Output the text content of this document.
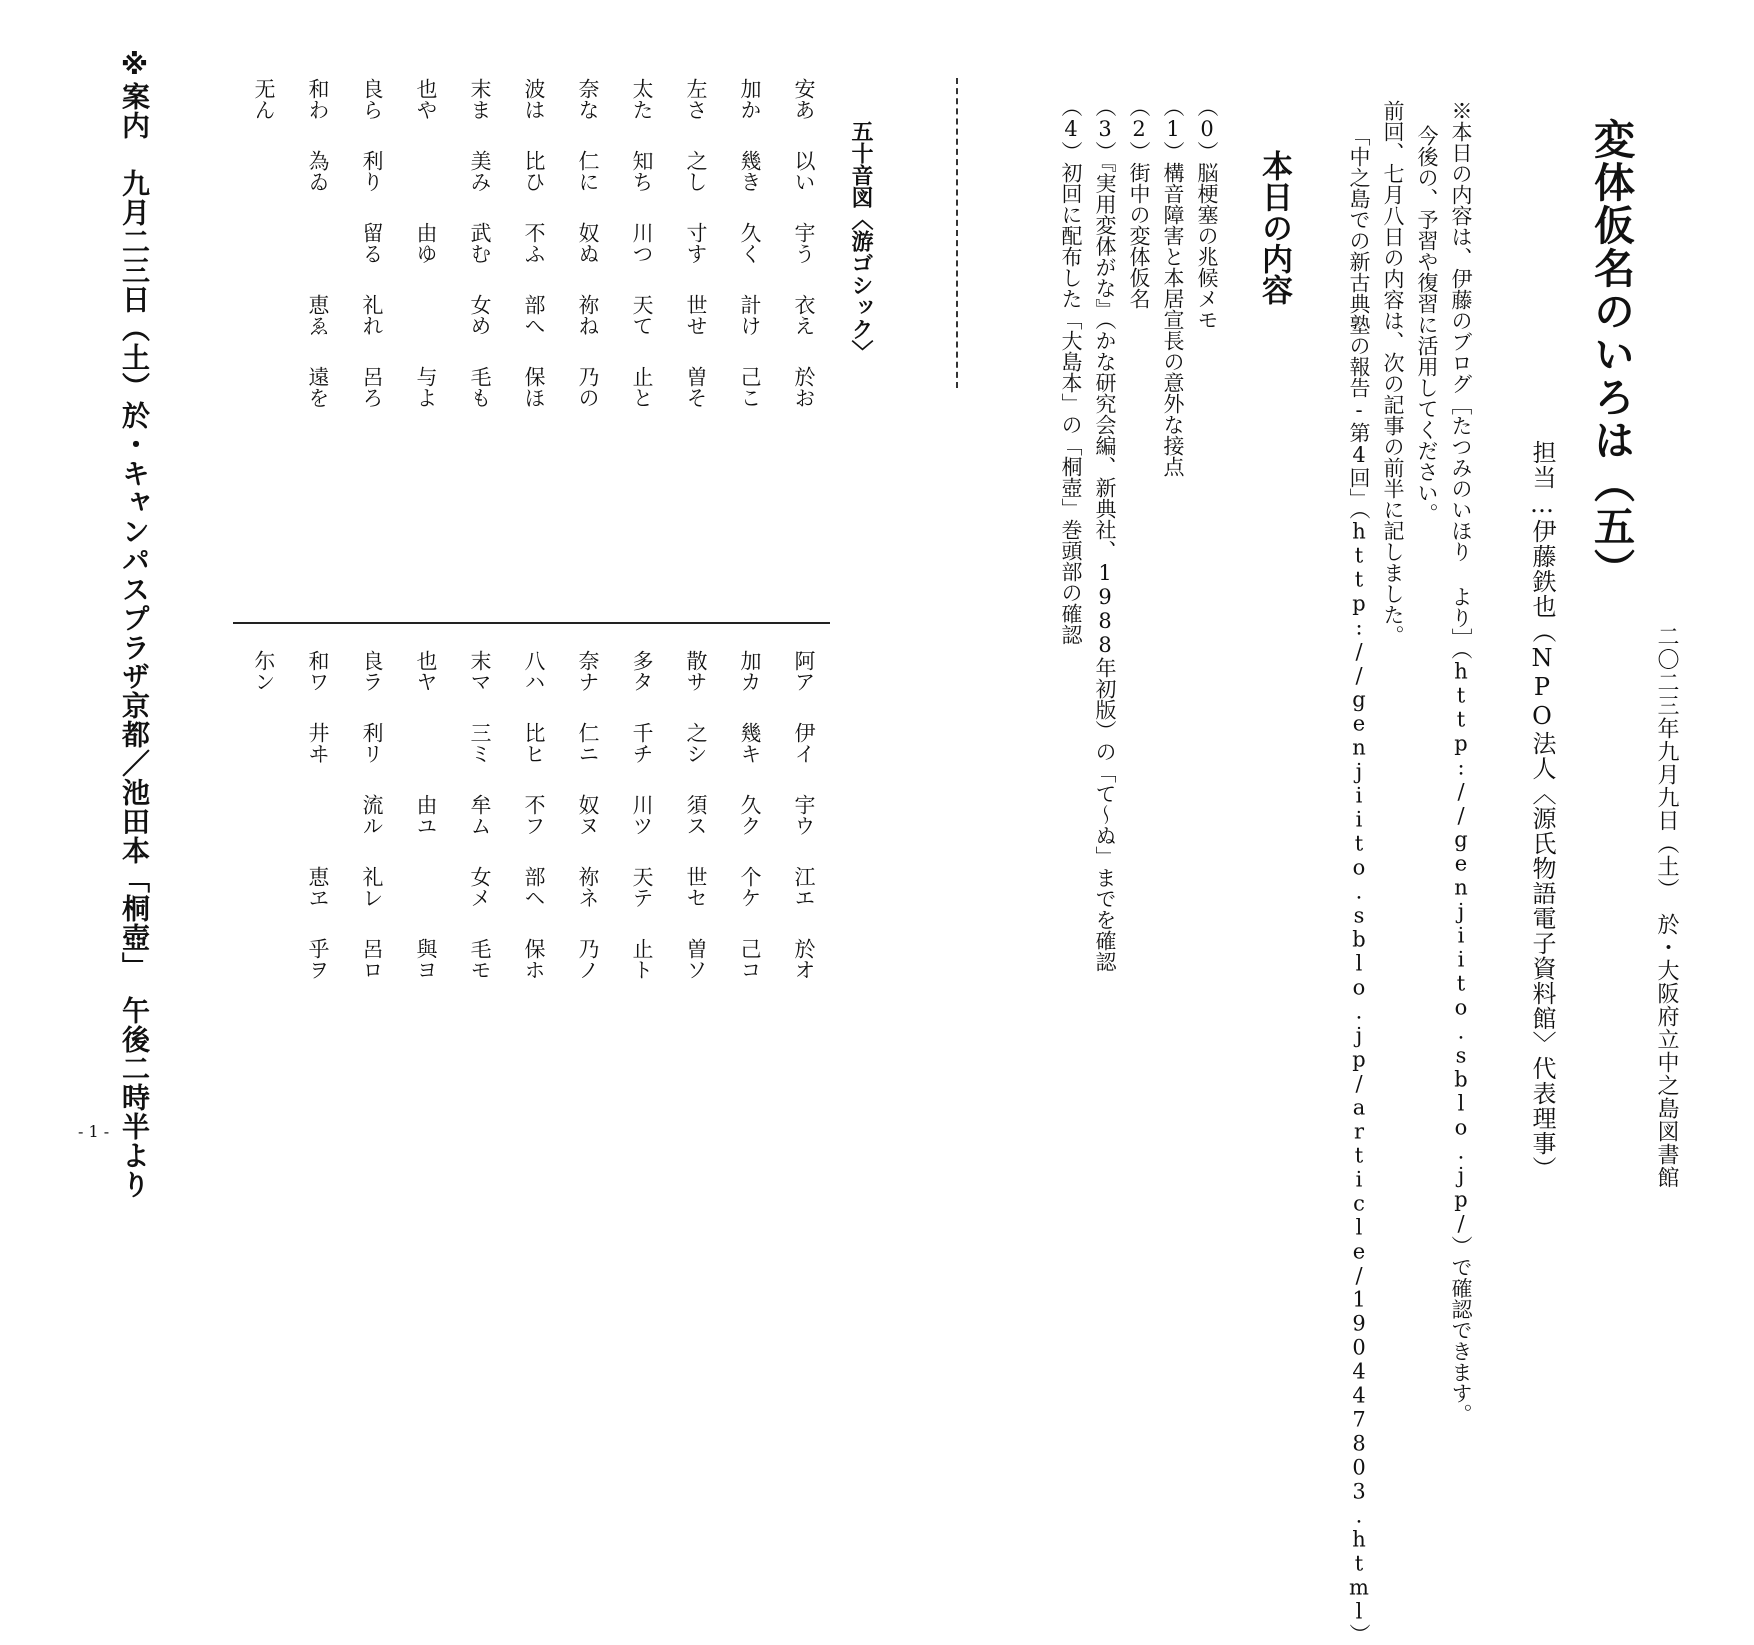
二〇二三年九月九日（土）　於・大阪府立中之島図書館
変体仮名のいろは（五）
担当…伊藤鉄也（NPO法人〈源氏物語電子資料館〉代表理事）
※本日の内容は、伊藤のブログ［たつみのいほり より］（http://genjiito.sblo.jp/）で確認できます。
今後の、予習や復習に活用してください。
前回、七月八日の内容は、次の記事の前半に記しました。
「中之島での新古典塾の報告-第4回」（http://genjiito.sblo.jp/article/190447803.html）
本日の内容
（0）脳梗塞の兆候メモ
（1）構音障害と本居宣長の意外な接点
（2）街中の変体仮名
（3）『実用変体がな』（かな研究会編、新典社、1988年初版）の「て〜ぬ」までを確認
（4）初回に配布した「大島本」の「桐壺」巻頭部の確認
五十音図〈游ゴシック〉
安あ
以い
宇う
衣え
於お
加か
幾き
久く
計け
己こ
左さ
之し
寸す
世せ
曽そ
太た
知ち
川つ
天て
止と
奈な
仁に
奴ぬ
祢ね
乃の
波は
比ひ
不ふ
部へ
保ほ
末ま
美み
武む
女め
毛も
也や
由ゆ
与よ
良ら
利り
留る
礼れ
呂ろ
和わ
為ゐ
恵ゑ
遠を
无ん
阿ア
伊イ
宇ウ
江エ
於オ
加カ
幾キ
久ク
个ケ
己コ
散サ
之シ
須ス
世セ
曽ソ
多タ
千チ
川ツ
天テ
止ト
奈ナ
仁ニ
奴ヌ
祢ネ
乃ノ
八ハ
比ヒ
不フ
部ヘ
保ホ
末マ
三ミ
牟ム
女メ
毛モ
也ヤ
由ユ
與ヨ
良ラ
利リ
流ル
礼レ
呂ロ
和ワ
井ヰ
恵ヱ
乎ヲ
尓ン
※案内　九月二三日（土）於・キャンパスプラザ京都／池田本「桐壺」　午後二時半より
- 1 -
